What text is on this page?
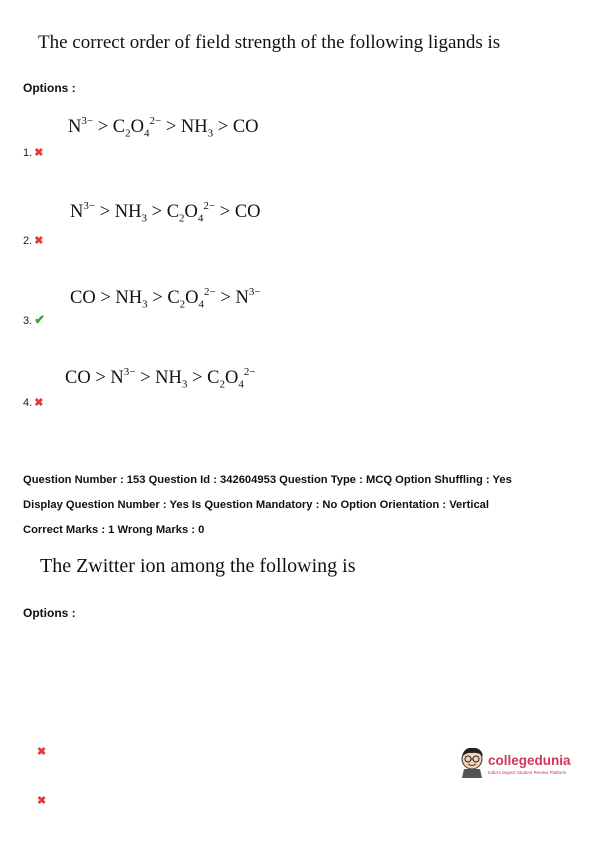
The correct order of field strength of the following ligands is
Options :
$N^{3-} > C_2O_4^{2-} > NH_3$ > CO
1. ✖
$N^{3-} > NH_3 > C_2O_4^{2-}$ > CO
2. ✖
CO > $NH_3 > C_2O_4^{2-} > N^{3-}$
3. ✔
CO > $N^{3-} > NH_3 > C_2O_4^{2-}$
4. ✖
Question Number : 153 Question Id : 342604953 Question Type : MCQ Option Shuffling : Yes
Display Question Number : Yes Is Question Mandatory : No Option Orientation : Vertical
Correct Marks : 1 Wrong Marks : 0
The Zwitter ion among the following is
Options :
✖
✖
collegedunia
India's largest Student Review Platform
